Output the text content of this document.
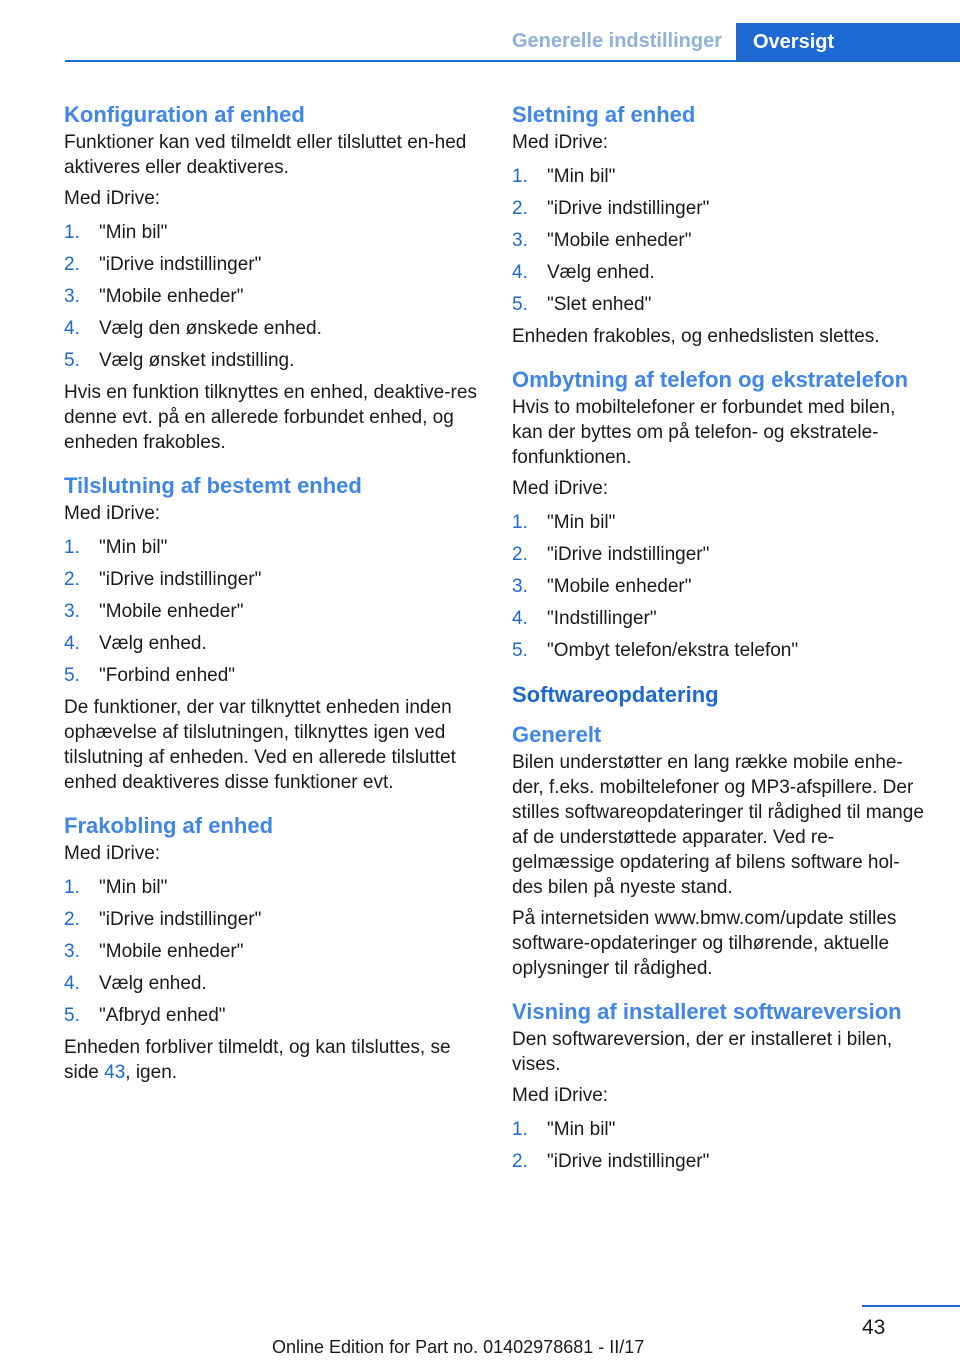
Generelle indstillinger Oversigt
Konfiguration af enhed

Funktioner kan ved tilmeldt eller tilsluttet en‐hed aktiveres eller deaktiveres.

Med iDrive:

1. "Min bil"
2. "iDrive indstillinger"
3. "Mobile enheder"
4. Vælg den ønskede enhed.
5. Vælg ønsket indstilling.

Hvis en funktion tilknyttes en enhed, deaktive‐res denne evt. på en allerede forbundet enhed, og enheden frakobles.

Tilslutning af bestemt enhed

Med iDrive:

1. "Min bil"
2. "iDrive indstillinger"
3. "Mobile enheder"
4. Vælg enhed.
5. "Forbind enhed"

De funktioner, der var tilknyttet enheden inden ophævelse af tilslutningen, tilknyttes igen ved tilslutning af enheden. Ved en allerede tilsluttet enhed deaktiveres disse funktioner evt.

Frakobling af enhed

Med iDrive:

1. "Min bil"
2. "iDrive indstillinger"
3. "Mobile enheder"
4. Vælg enhed.
5. "Afbryd enhed"

Enheden forbliver tilmeldt, og kan tilsluttes, se side 43, igen.

Sletning af enhed

Med iDrive:

1. "Min bil"
2. "iDrive indstillinger"
3. "Mobile enheder"
4. Vælg enhed.
5. "Slet enhed"

Enheden frakobles, og enhedslisten slettes.

Ombytning af telefon og ekstratelefon

Hvis to mobiltelefoner er forbundet med bilen, kan der byttes om på telefon- og ekstratele‐fonfunktionen.

Med iDrive:

1. "Min bil"
2. "iDrive indstillinger"
3. "Mobile enheder"
4. "Indstillinger"
5. "Ombyt telefon/ekstra telefon"
Softwareopdatering
Generelt

Bilen understøtter en lang række mobile enhe‐der, f.eks. mobiltelefoner og MP3-afspillere. Der stilles softwareopdateringer til rådighed til mange af de understøttede apparater. Ved re‐gelmæssige opdatering af bilens software hol‐des bilen på nyeste stand.

På internetsiden www.bmw.com/update stilles software-opdateringer og tilhørende, aktuelle oplysninger til rådighed.

Visning af installeret softwareversion

Den softwareversion, der er installeret i bilen, vises.

Med iDrive:

1. "Min bil"
2. "iDrive indstillinger"
43
Online Edition for Part no. 01402978681 - II/17
